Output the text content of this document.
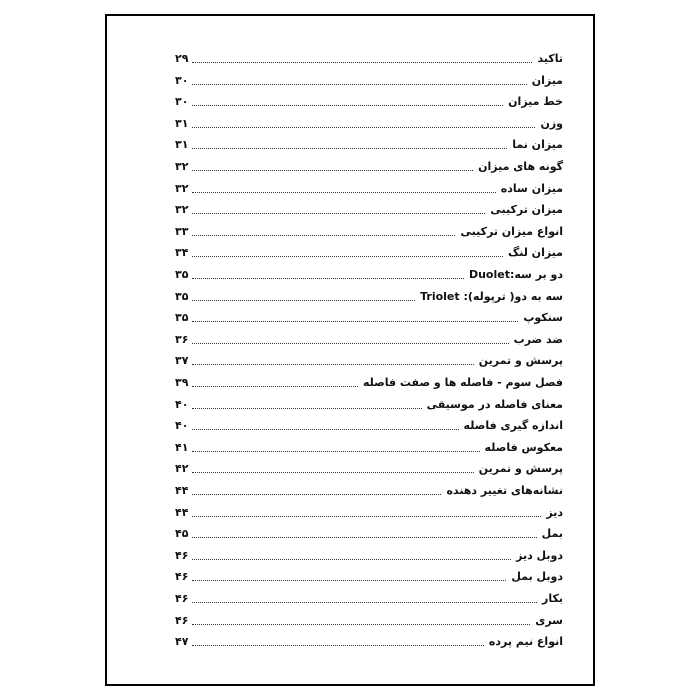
تاکید
۲۹
میزان
۳۰
خط میزان
۳۰
وزن
۳۱
میزان نما
۳۱
گونه های میزان
۳۲
میزان ساده
۳۲
میزان ترکیبی
۳۲
انواع میزان ترکیبی
۳۳
میزان لنگ
۳۴
دو بر سه:Duolet
۳۵
سه به دو( ترپوله): Triolet
۳۵
سنکوپ
۳۵
ضد ضرب
۳۶
پرسش و تمرین
۳۷
فصل سوم - فاصله ها و صفت فاصله
۳۹
معنای فاصله در موسیقی
۴۰
اندازه گیری فاصله
۴۰
معکوس فاصله
۴۱
پرسش و تمرین
۴۲
نشانه‌های تغییر دهنده
۴۴
دیز
۴۴
بمل
۴۵
دوبل دیز
۴۶
دوبل بمل
۴۶
بکار
۴۶
سری
۴۶
انواع نیم پرده
۴۷
